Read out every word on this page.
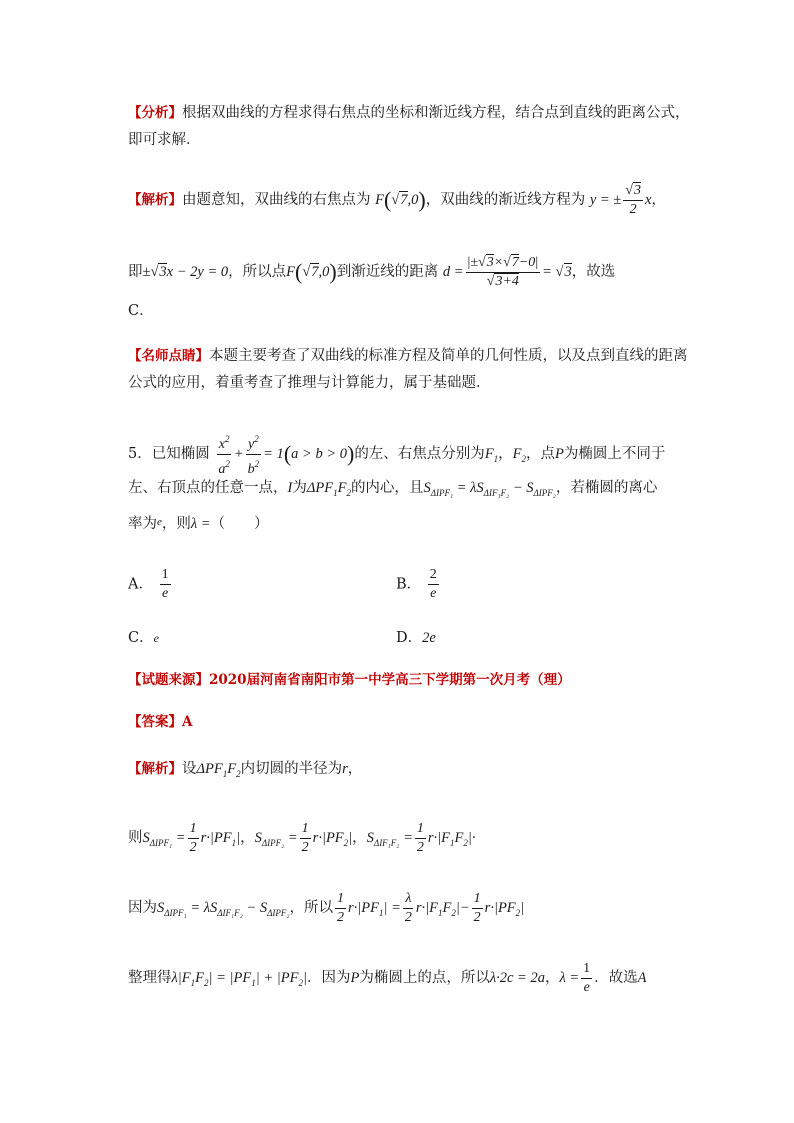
【分析】根据双曲线的方程求得右焦点的坐标和渐近线方程，结合点到直线的距离公式，
即可求解．
【解析】由题意知，双曲线的右焦点为 F(√7,0)，双曲线的渐近线方程为 y = ± $\frac{√3}{2}$ x，
即±√3x − 2y = 0，所以点F(√7,0)到渐近线的距离 $d = \frac{|\pm√3\times√7-0|}{√3+4} = √3$，故选
C．
【名师点睛】本题主要考查了双曲线的标准方程及简单的几何性质，以及点到直线的距离
公式的应用，着重考查了推理与计算能力，属于基础题．
5．已知椭圆 $\frac{x^2}{a^2} + \frac{y^2}{b^2} = 1(a > b > 0)$的左、右焦点分别为$F_1$，$F_2$，点P为椭圆上不同于
左、右顶点的任意一点，I为$\Delta PF_1F_2$的内心，且$S_{\Delta IPF_1} = \lambda S_{\Delta IF_1F_2} - S_{\Delta IPF_2}$，若椭圆的离心
率为$^e$，则λ =（　　）
A． $\frac{1}{e}$	B． $\frac{2}{e}$
C．e	D．2e
【试题来源】2020届河南省南阳市第一中学高三下学期第一次月考（理）
【答案】A
【解析】设$\Delta PF_1F_2$内切圆的半径为r，
则$S_{\Delta IPF_1} = \frac{1}{2} r\cdot|PF_1|$，$S_{\Delta IPF_2} = \frac{1}{2} r\cdot|PF_2|$，$S_{\Delta IF_1F_2} = \frac{1}{2} r\cdot|F_1F_2|\cdot$
因为$S_{\Delta IPF_1} = \lambda S_{\Delta IF_1F_2} - S_{\Delta IPF_2}$，所以 $\frac{1}{2} r\cdot|PF_1| = \frac{\lambda}{2} r\cdot|F_1F_2|- \frac{1}{2} r\cdot|PF_2|$
整理得$\lambda|F_1F_2| = |PF_1| + |PF_2|$．因为P为椭圆上的点，所以λ·2c = 2a，$\lambda = \frac{1}{e}$ ．故选A
